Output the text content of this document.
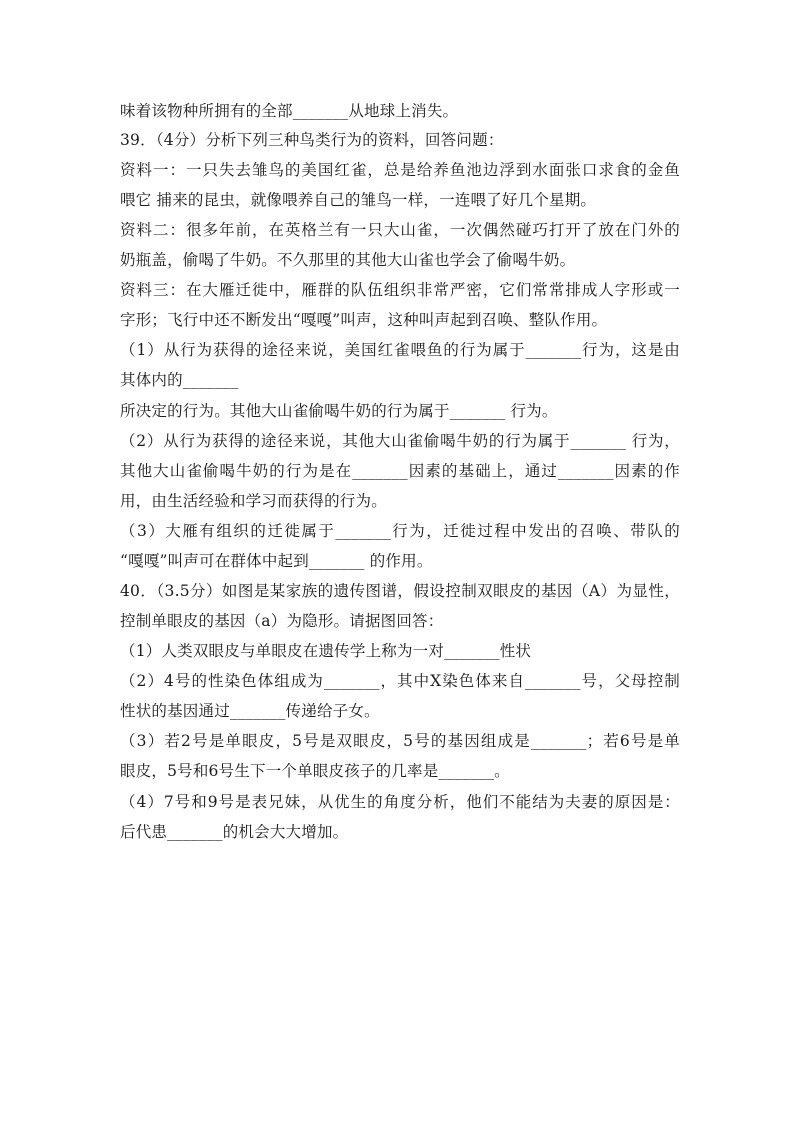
味着该物种所拥有的全部_______从地球上消失。
39．（4分）分析下列三种鸟类行为的资料，回答问题：
资料一：一只失去雏鸟的美国红雀，总是给养鱼池边浮到水面张口求食的金鱼
喂它 捕来的昆虫，就像喂养自己的雏鸟一样，一连喂了好几个星期。
资料二：很多年前，在英格兰有一只大山雀，一次偶然碰巧打开了放在门外的
奶瓶盖，偷喝了牛奶。不久那里的其他大山雀也学会了偷喝牛奶。
资料三：在大雁迁徙中，雁群的队伍组织非常严密，它们常常排成人字形或一
字形；飞行中还不断发出“嘎嘎”叫声，这种叫声起到召唤、整队作用。
（1）从行为获得的途径来说，美国红雀喂鱼的行为属于_______行为，这是由
其体内的_______
所决定的行为。其他大山雀偷喝牛奶的行为属于_______ 行为。
（2）从行为获得的途径来说，其他大山雀偷喝牛奶的行为属于_______ 行为，
其他大山雀偷喝牛奶的行为是在_______因素的基础上，通过_______因素的作
用，由生活经验和学习而获得的行为。
（3）大雁有组织的迁徙属于_______行为，迁徙过程中发出的召唤、带队的
“嘎嘎”叫声可在群体中起到_______ 的作用。
40．（3.5分）如图是某家族的遗传图谱，假设控制双眼皮的基因（A）为显性，
控制单眼皮的基因（a）为隐形。请据图回答：
（1）人类双眼皮与单眼皮在遗传学上称为一对_______性状
（2）4号的性染色体组成为_______，其中X染色体来自_______号，父母控制
性状的基因通过_______传递给子女。
（3）若2号是单眼皮，5号是双眼皮，5号的基因组成是_______；若6号是单
眼皮，5号和6号生下一个单眼皮孩子的几率是_______。
（4）7号和9号是表兄妹，从优生的角度分析，他们不能结为夫妻的原因是：
后代患_______的机会大大增加。
